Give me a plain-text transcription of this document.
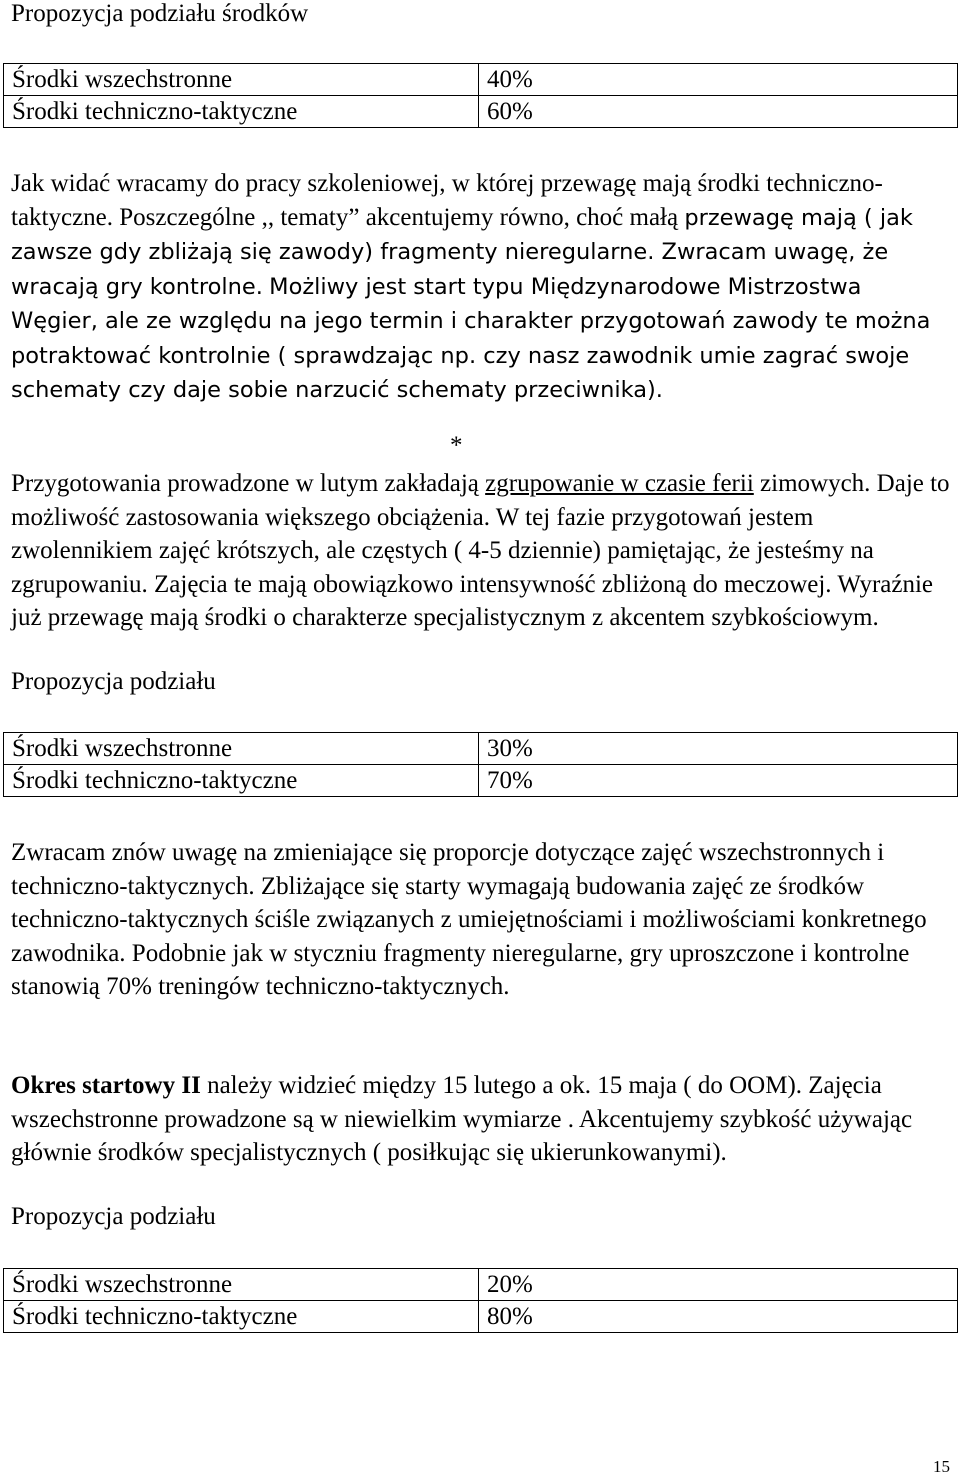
Propozycja podziału środków
Środki wszechstronne	40%
Środki techniczno-taktyczne	60%

Jak widać wracamy do pracy szkoleniowej, w której przewagę mają środki techniczno-taktyczne. Poszczególne ,, tematy” akcentujemy równo, choć małą przewagę mają ( jak zawsze gdy zbliżają się zawody) fragmenty nieregularne. Zwracam uwagę, że wracają gry kontrolne. Możliwy jest start typu Międzynarodowe Mistrzostwa Węgier, ale ze względu na jego termin i charakter przygotowań zawody te można potraktować kontrolnie ( sprawdzając np. czy nasz zawodnik umie zagrać swoje schematy czy daje sobie narzucić schematy przeciwnika).

*

Przygotowania prowadzone w lutym zakładają zgrupowanie w czasie ferii zimowych. Daje to możliwość zastosowania większego obciążenia. W tej fazie przygotowań jestem zwolennikiem zajęć krótszych, ale częstych ( 4-5 dziennie) pamiętając, że jesteśmy na zgrupowaniu. Zajęcia te mają obowiązkowo intensywność zbliżoną do meczowej. Wyraźnie już przewagę mają środki o charakterze specjalistycznym z akcentem szybkościowym.

Propozycja podziału
Środki wszechstronne	30%
Środki techniczno-taktyczne	70%

Zwracam znów uwagę na zmieniające się proporcje dotyczące zajęć wszechstronnych i techniczno-taktycznych. Zbliżające się starty wymagają budowania zajęć ze środków techniczno-taktycznych ściśle związanych z umiejętnościami i możliwościami konkretnego zawodnika. Podobnie jak w styczniu fragmenty nieregularne, gry uproszczone i kontrolne stanowią 70% treningów techniczno-taktycznych.

Okres startowy II należy widzieć między 15 lutego a ok. 15 maja ( do OOM). Zajęcia wszechstronne prowadzone są w niewielkim wymiarze . Akcentujemy szybkość używając głównie środków specjalistycznych ( posiłkując się ukierunkowanymi).

Propozycja podziału
Środki wszechstronne	20%
Środki techniczno-taktyczne	80%
15
